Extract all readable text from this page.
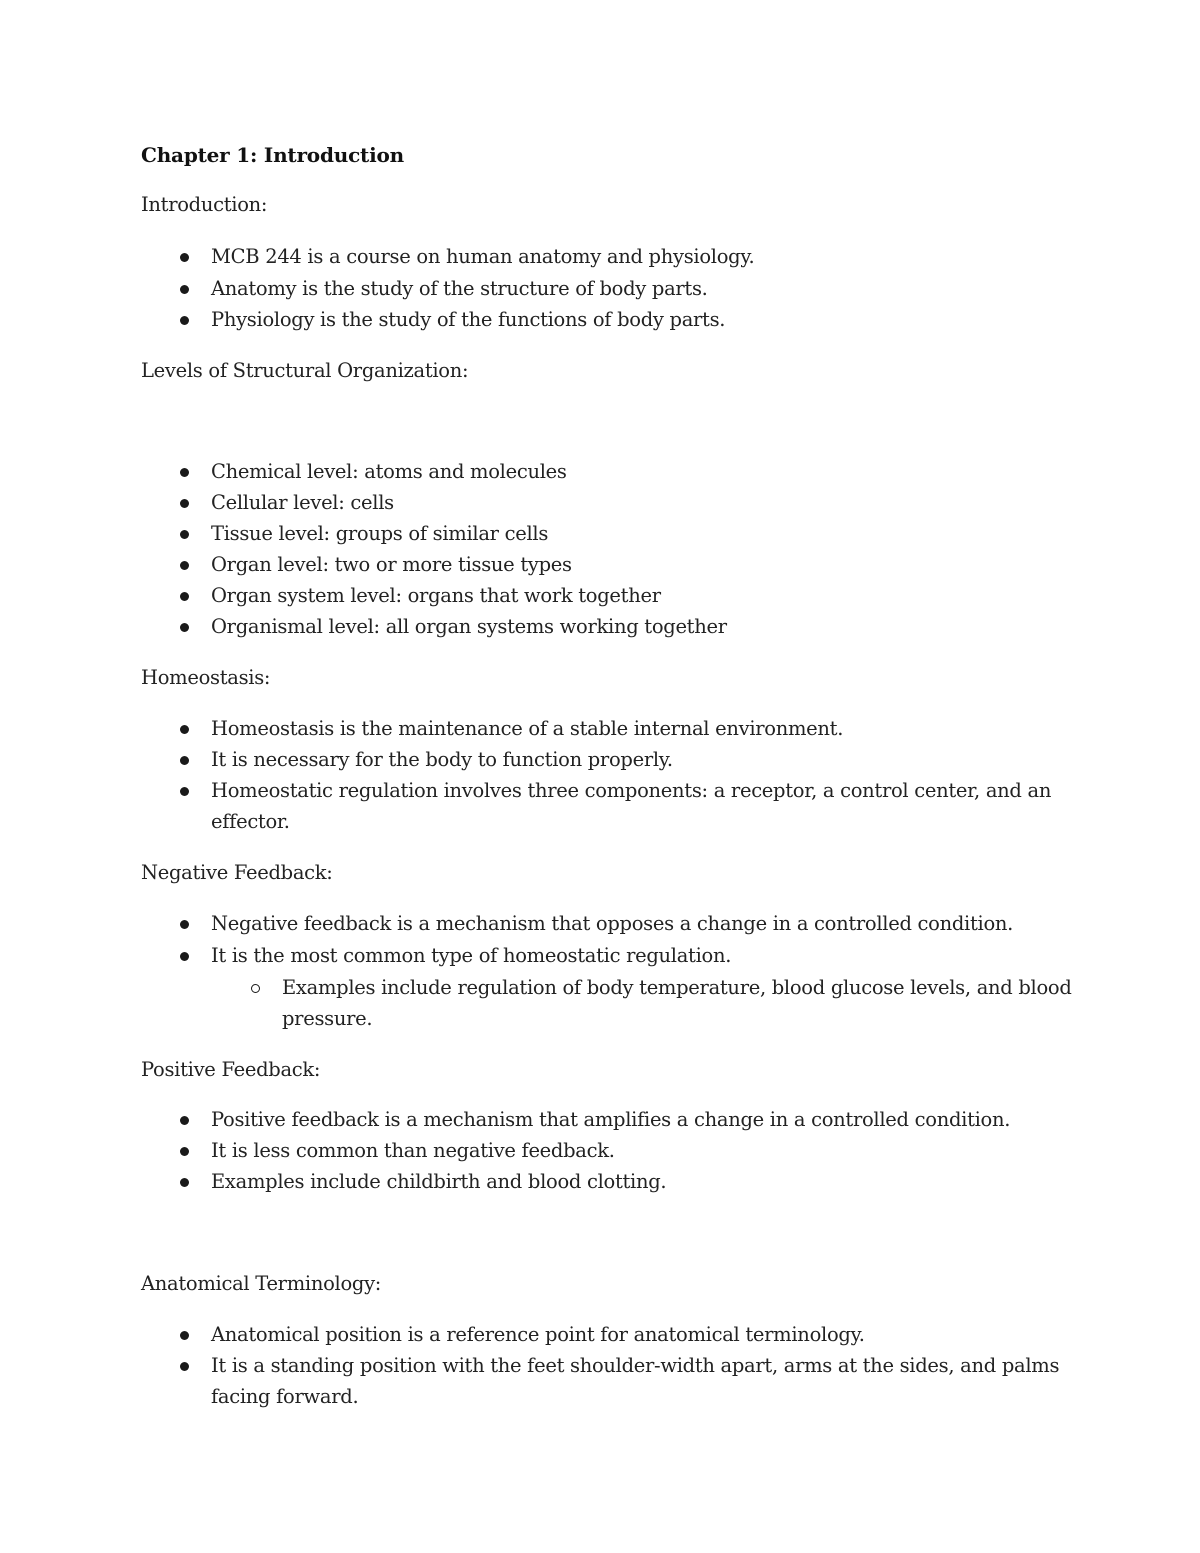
Chapter 1: Introduction
Introduction:
MCB 244 is a course on human anatomy and physiology.
Anatomy is the study of the structure of body parts.
Physiology is the study of the functions of body parts.
Levels of Structural Organization:
Chemical level: atoms and molecules
Cellular level: cells
Tissue level: groups of similar cells
Organ level: two or more tissue types
Organ system level: organs that work together
Organismal level: all organ systems working together
Homeostasis:
Homeostasis is the maintenance of a stable internal environment.
It is necessary for the body to function properly.
Homeostatic regulation involves three components: a receptor, a control center, and an effector.
Negative Feedback:
Negative feedback is a mechanism that opposes a change in a controlled condition.
It is the most common type of homeostatic regulation.
Examples include regulation of body temperature, blood glucose levels, and blood pressure.
Positive Feedback:
Positive feedback is a mechanism that amplifies a change in a controlled condition.
It is less common than negative feedback.
Examples include childbirth and blood clotting.
Anatomical Terminology:
Anatomical position is a reference point for anatomical terminology.
It is a standing position with the feet shoulder-width apart, arms at the sides, and palms facing forward.
